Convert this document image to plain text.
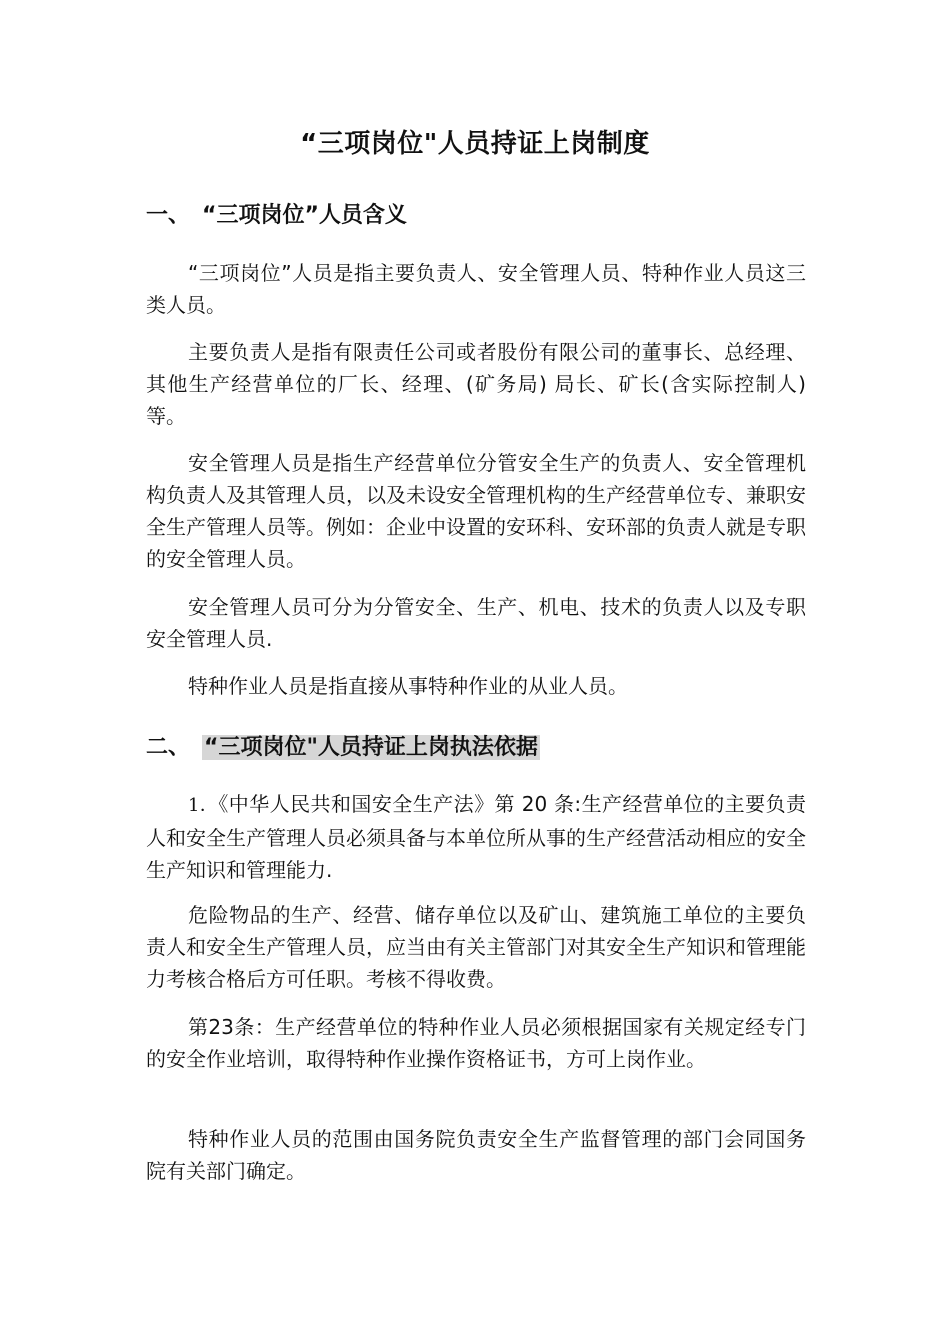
“三项岗位"人员持证上岗制度
一、 “三项岗位”人员含义

“三项岗位”人员是指主要负责人、安全管理人员、特种作业人员这三类人员。

主要负责人是指有限责任公司或者股份有限公司的董事长、总经理、其他生产经营单位的厂长、经理、(矿务局) 局长、矿长(含实际控制人) 等。

安全管理人员是指生产经营单位分管安全生产的负责人、安全管理机构负责人及其管理人员，以及未设安全管理机构的生产经营单位专、兼职安全生产管理人员等。例如：企业中设置的安环科、安环部的负责人就是专职的安全管理人员。

安全管理人员可分为分管安全、生产、机电、技术的负责人以及专职安全管理人员.

特种作业人员是指直接从事特种作业的从业人员。

二、 “三项岗位"人员持证上岗执法依据

1．《中华人民共和国安全生产法》第 20 条:生产经营单位的主要负责人和安全生产管理人员必须具备与本单位所从事的生产经营活动相应的安全生产知识和管理能力.

危险物品的生产、经营、储存单位以及矿山、建筑施工单位的主要负责人和安全生产管理人员，应当由有关主管部门对其安全生产知识和管理能力考核合格后方可任职。考核不得收费。

第23条：生产经营单位的特种作业人员必须根据国家有关规定经专门的安全作业培训，取得特种作业操作资格证书，方可上岗作业。

特种作业人员的范围由国务院负责安全生产监督管理的部门会同国务院有关部门确定。
